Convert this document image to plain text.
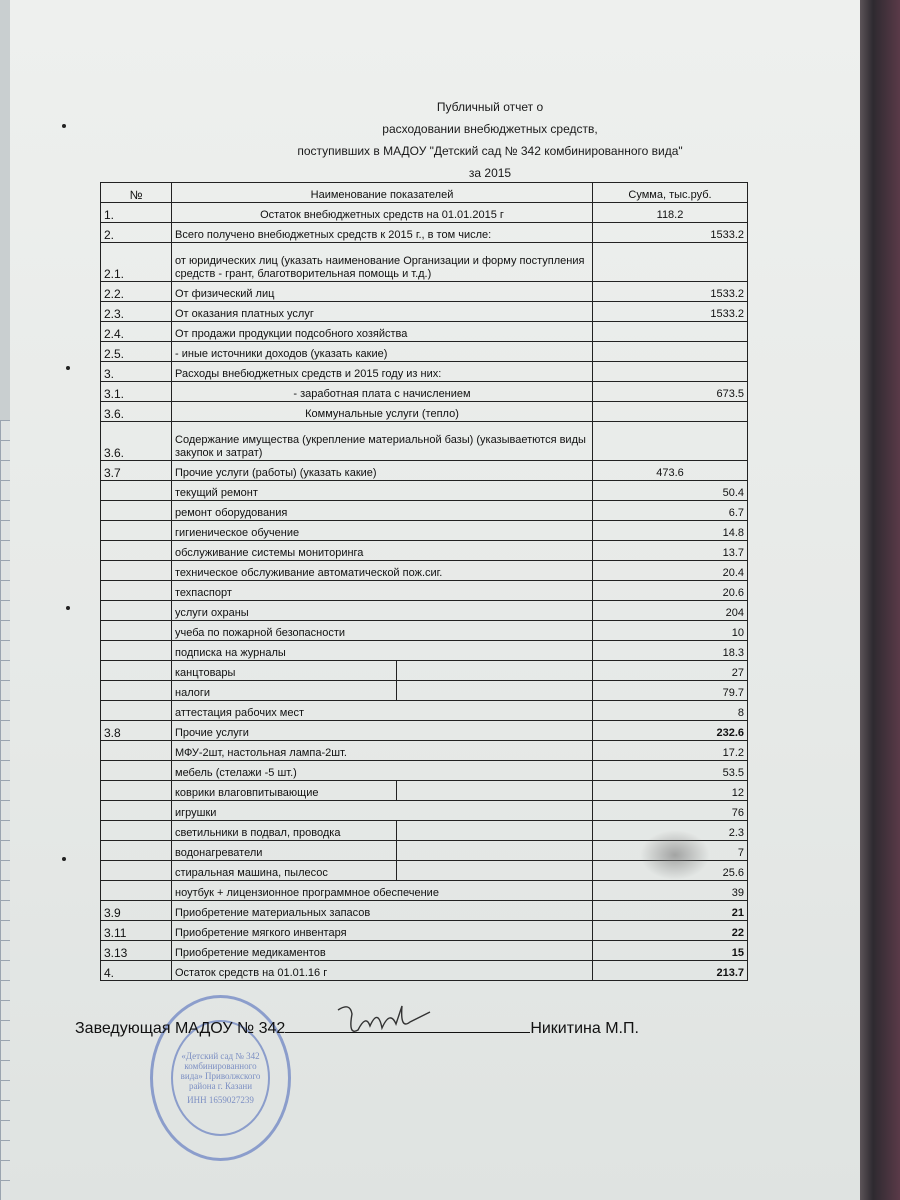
Публичный отчет о
расходовании внебюджетных средств,
поступивших в МАДОУ "Детский сад № 342 комбинированного вида"
за 2015
№	Наименование показателей		Сумма, тыс.руб.
1.	Остаток внебюджетных средств на 01.01.2015 г		118.2
2.	Всего получено внебюджетных средств к 2015 г., в том числе:		1533.2
2.1.	от юридических лиц (указать наименование Организации и форму поступления средств - грант, благотворительная помощь и т.д.)		
2.2.	От физический лиц		1533.2
2.3.	От оказания платных услуг		1533.2
2.4.	От продажи продукции подсобного хозяйства		
2.5.	- иные источники доходов (указать какие)		
3.	Расходы внебюджетных средств и 2015 году из них:		
3.1.	- заработная плата с начислением		673.5
3.6.	Коммунальные услуги (тепло)		
3.6.	Содержание имущества (укрепление материальной базы) (указываетются виды закупок и затрат)		
3.7	Прочие услуги (работы) (указать какие)		473.6
	текущий ремонт		50.4
	ремонт оборудования		6.7
	гигиеническое обучение		14.8
	обслуживание системы мониторинга		13.7
	техническое обслуживание автоматической пож.сиг.		20.4
	техпаспорт		20.6
	услуги охраны		204
	учеба по пожарной безопасности		10
	подписка на журналы		18.3
	канцтовары		27
	налоги		79.7
	аттестация рабочих мест		8
3.8	Прочие услуги		232.6
	МФУ-2шт, настольная лампа-2шт.		17.2
	мебель (стелажи -5 шт.)		53.5
	коврики влаговпитывающие		12
	игрушки		76
	светильники в подвал, проводка		2.3
	водонагреватели		7
	стиральная машина, пылесос		25.6
	ноутбук + лицензионное программное обеспечение		39
3.9	Приобретение материальных запасов		21
3.11	Приобретение мягкого инвентаря		22
3.13	Приобретение медикаментов		15
4.	Остаток средств на 01.01.16 г		213.7
«Детский сад № 342 комбинированного вида» Приволжского района г. Казани
ИНН 1659027239
Заведующая МАДОУ № 342	Никитина М.П.
